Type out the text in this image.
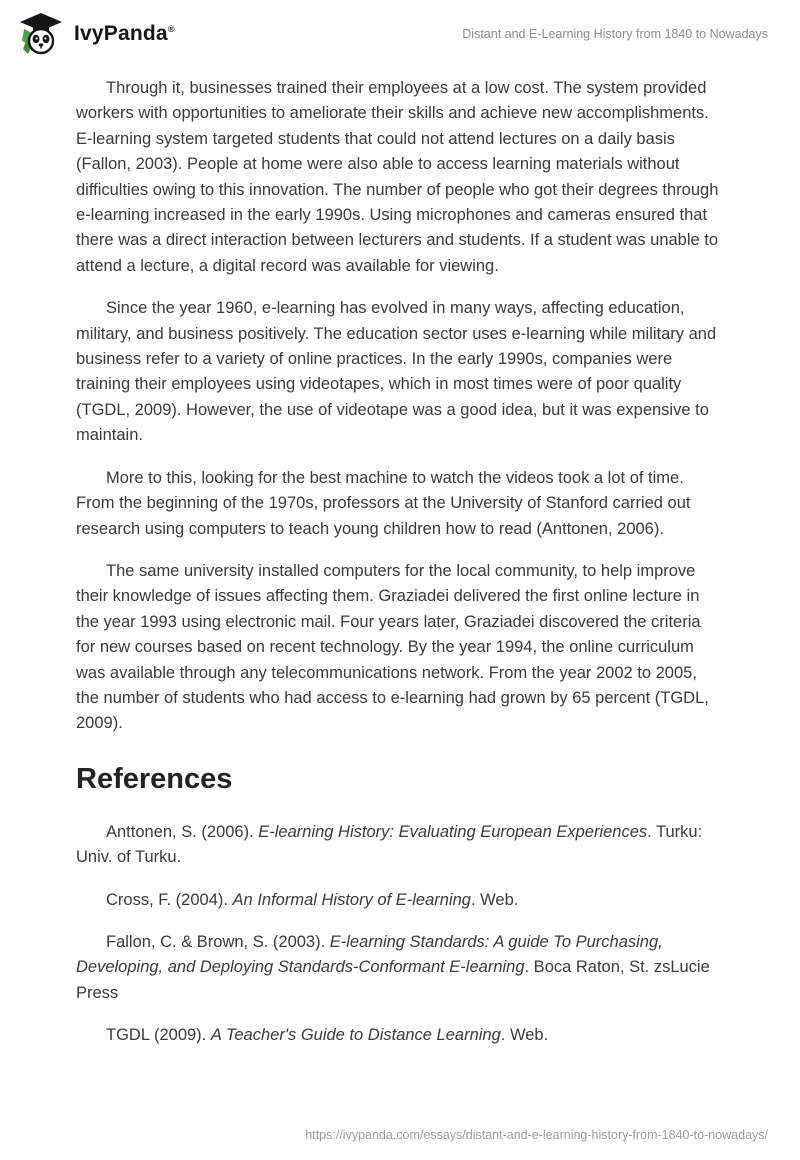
IvyPanda®	Distant and E-Learning History from 1840 to Nowadays

Through it, businesses trained their employees at a low cost. The system provided workers with opportunities to ameliorate their skills and achieve new accomplishments. E-learning system targeted students that could not attend lectures on a daily basis (Fallon, 2003). People at home were also able to access learning materials without difficulties owing to this innovation. The number of people who got their degrees through e-learning increased in the early 1990s. Using microphones and cameras ensured that there was a direct interaction between lecturers and students. If a student was unable to attend a lecture, a digital record was available for viewing.

Since the year 1960, e-learning has evolved in many ways, affecting education, military, and business positively. The education sector uses e-learning while military and business refer to a variety of online practices. In the early 1990s, companies were training their employees using videotapes, which in most times were of poor quality (TGDL, 2009). However, the use of videotape was a good idea, but it was expensive to maintain.

More to this, looking for the best machine to watch the videos took a lot of time. From the beginning of the 1970s, professors at the University of Stanford carried out research using computers to teach young children how to read (Anttonen, 2006).

The same university installed computers for the local community, to help improve their knowledge of issues affecting them. Graziadei delivered the first online lecture in the year 1993 using electronic mail. Four years later, Graziadei discovered the criteria for new courses based on recent technology. By the year 1994, the online curriculum was available through any telecommunications network. From the year 2002 to 2005, the number of students who had access to e-learning had grown by 65 percent (TGDL, 2009).

References

Anttonen, S. (2006). E-learning History: Evaluating European Experiences. Turku: Univ. of Turku.

Cross, F. (2004). An Informal History of E-learning. Web.

Fallon, C. & Brown, S. (2003). E-learning Standards: A guide To Purchasing, Developing, and Deploying Standards-Conformant E-learning. Boca Raton, St. zsLucie Press

TGDL (2009). A Teacher's Guide to Distance Learning. Web.

https://ivypanda.com/essays/distant-and-e-learning-history-from-1840-to-nowadays/
